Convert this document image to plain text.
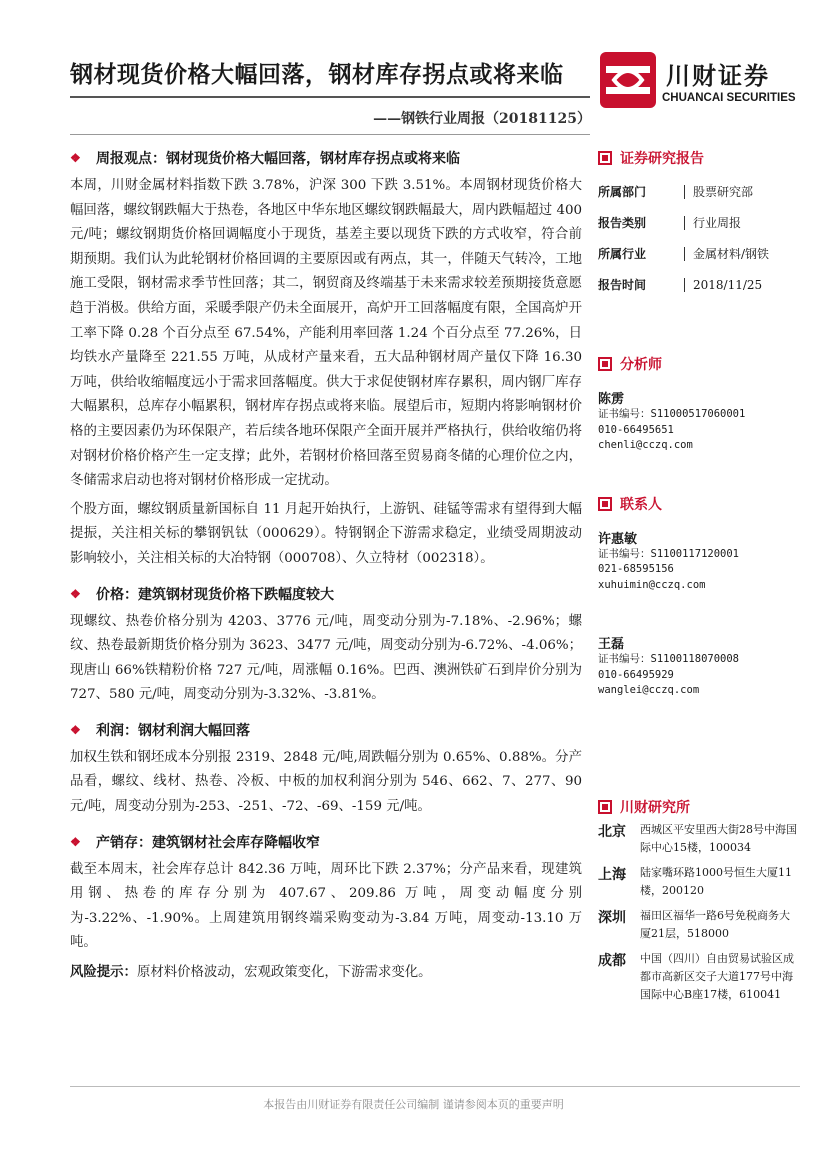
钢材现货价格大幅回落，钢材库存拐点或将来临
——钢铁行业周报（20181125）
川财证券
CHUANCAI SECURITIES
❖	周报观点：钢材现货价格大幅回落，钢材库存拐点或将来临

本周，川财金属材料指数下跌 3.78%，沪深 300 下跌 3.51%。本周钢材现货价格大幅回落，螺纹钢跌幅大于热卷，各地区中华东地区螺纹钢跌幅最大，周内跌幅超过 400 元/吨；螺纹钢期货价格回调幅度小于现货，基差主要以现货下跌的方式收窄，符合前期预期。我们认为此轮钢材价格回调的主要原因或有两点，其一，伴随天气转冷，工地施工受限，钢材需求季节性回落；其二，钢贸商及终端基于未来需求较差预期接货意愿趋于消极。供给方面，采暖季限产仍未全面展开，高炉开工回落幅度有限，全国高炉开工率下降 0.28 个百分点至 67.54%，产能利用率回落 1.24 个百分点至 77.26%，日均铁水产量降至 221.55 万吨，从成材产量来看，五大品种钢材周产量仅下降 16.30 万吨，供给收缩幅度远小于需求回落幅度。供大于求促使钢材库存累积，周内钢厂库存大幅累积，总库存小幅累积，钢材库存拐点或将来临。展望后市，短期内将影响钢材价格的主要因素仍为环保限产，若后续各地环保限产全面开展并严格执行，供给收缩仍将对钢材价格价格产生一定支撑；此外，若钢材价格回落至贸易商冬储的心理价位之内，冬储需求启动也将对钢材价格形成一定扰动。

个股方面，螺纹钢质量新国标自 11 月起开始执行，上游钒、硅锰等需求有望得到大幅提振，关注相关标的攀钢钒钛（000629）。特钢钢企下游需求稳定，业绩受周期波动影响较小，关注相关标的大冶特钢（000708）、久立特材（002318）。

❖	价格：建筑钢材现货价格下跌幅度较大

现螺纹、热卷价格分别为 4203、3776 元/吨，周变动分别为-7.18%、-2.96%；螺纹、热卷最新期货价格分别为 3623、3477 元/吨，周变动分别为-6.72%、-4.06%；现唐山 66%铁精粉价格 727 元/吨，周涨幅 0.16%。巴西、澳洲铁矿石到岸价分别为 727、580 元/吨，周变动分别为-3.32%、-3.81%。

❖	利润：钢材利润大幅回落

加权生铁和钢坯成本分别报 2319、2848 元/吨,周跌幅分别为 0.65%、0.88%。分产品看，螺纹、线材、热卷、冷板、中板的加权利润分别为 546、662、7、277、90 元/吨，周变动分别为-253、-251、-72、-69、-159 元/吨。

❖	产销存：建筑钢材社会库存降幅收窄

截至本周末，社会库存总计 842.36 万吨，周环比下跌 2.37%；分产品来看，现建筑用钢、热卷的库存分别为 407.67、209.86 万吨，周变动幅度分别为-3.22%、-1.90%。上周建筑用钢终端采购变动为-3.84 万吨，周变动-13.10 万吨。

风险提示：原材料价格波动，宏观政策变化，下游需求变化。

证券研究报告
所属部门	股票研究部
报告类别	行业周报
所属行业	金属材料/钢铁
报告时间	2018/11/25
分析师
陈雳
证书编号：S1100051706000​1
010-66495651
chenli@cczq.com
联系人
许惠敏
证书编号：S1100117120001
021-68595156
xuhuimin@cczq.com
王磊
证书编号：S1100118070008
010-66495929
wanglei@cczq.com
川财研究所
北京	西城区平安里西大街28号中海国际中心15楼，100034
上海	陆家嘴环路1000号恒生大厦11楼，200120
深圳	福田区福华一路6号免税商务大厦21层，518000
成都	中国（四川）自由贸易试验区成都市高新区交子大道177号中海国际中心B座17楼，610041
本报告由川财证券有限责任公司编制 谨请参阅本页的重要声明
